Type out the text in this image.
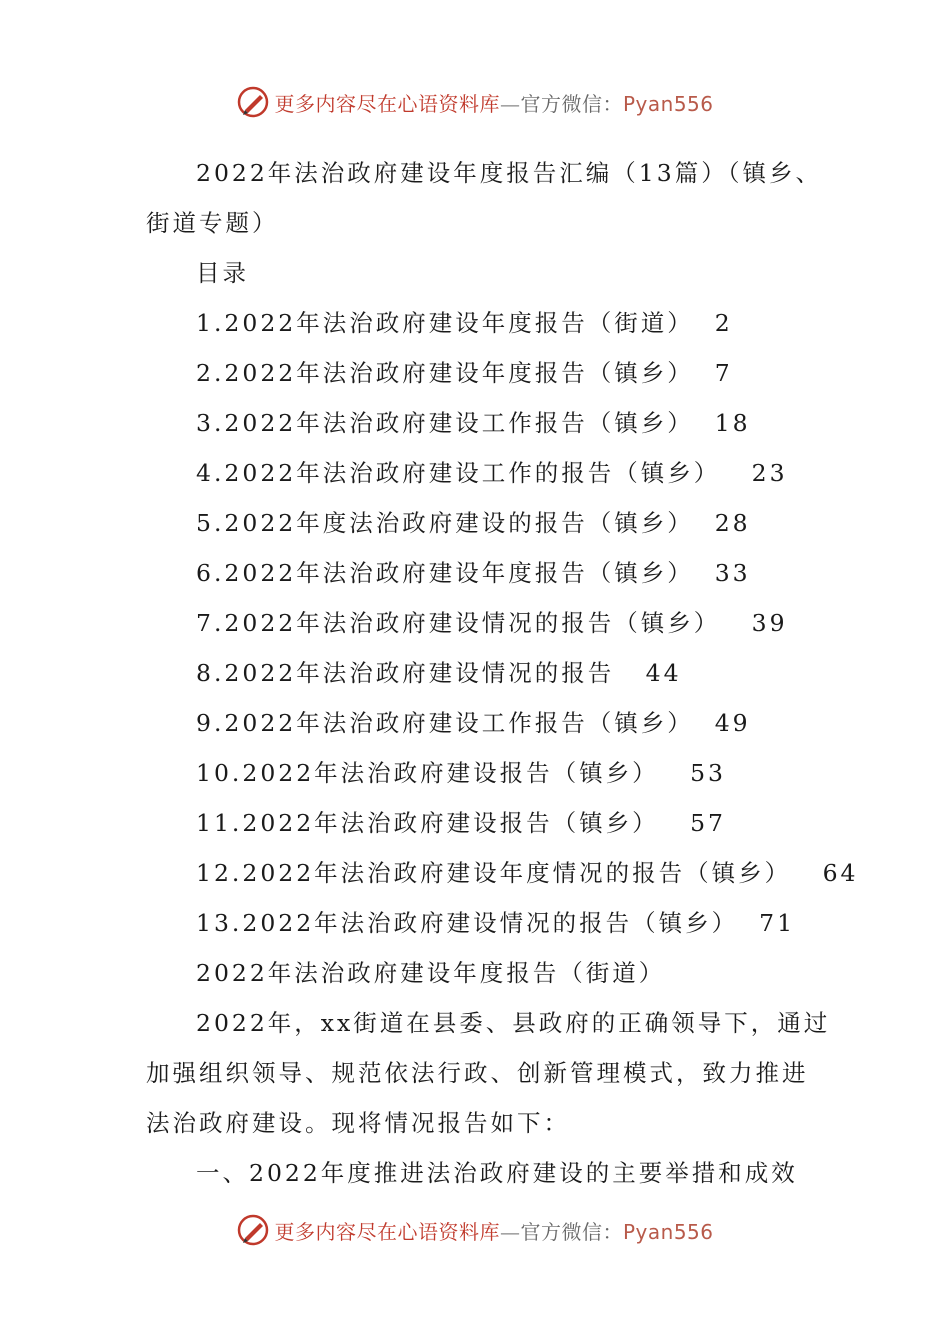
更多内容尽在心语资料库—官方微信：Pyan556
2022年法治政府建设年度报告汇编（13篇）（镇乡、
街道专题）
目录
1.2022年法治政府建设年度报告（街道） 2
2.2022年法治政府建设年度报告（镇乡） 7
3.2022年法治政府建设工作报告（镇乡） 18
4.2022年法治政府建设工作的报告（镇乡） 23
5.2022年度法治政府建设的报告（镇乡） 28
6.2022年法治政府建设年度报告（镇乡） 33
7.2022年法治政府建设情况的报告（镇乡） 39
8.2022年法治政府建设情况的报告 44
9.2022年法治政府建设工作报告（镇乡） 49
10.2022年法治政府建设报告（镇乡） 53
11.2022年法治政府建设报告（镇乡） 57
12.2022年法治政府建设年度情况的报告（镇乡） 64
13.2022年法治政府建设情况的报告（镇乡） 71
2022年法治政府建设年度报告（街道）
2022年，xx街道在县委、县政府的正确领导下，通过
加强组织领导、规范依法行政、创新管理模式，致力推进
法治政府建设。现将情况报告如下：
一、2022年度推进法治政府建设的主要举措和成效
更多内容尽在心语资料库—官方微信：Pyan556
